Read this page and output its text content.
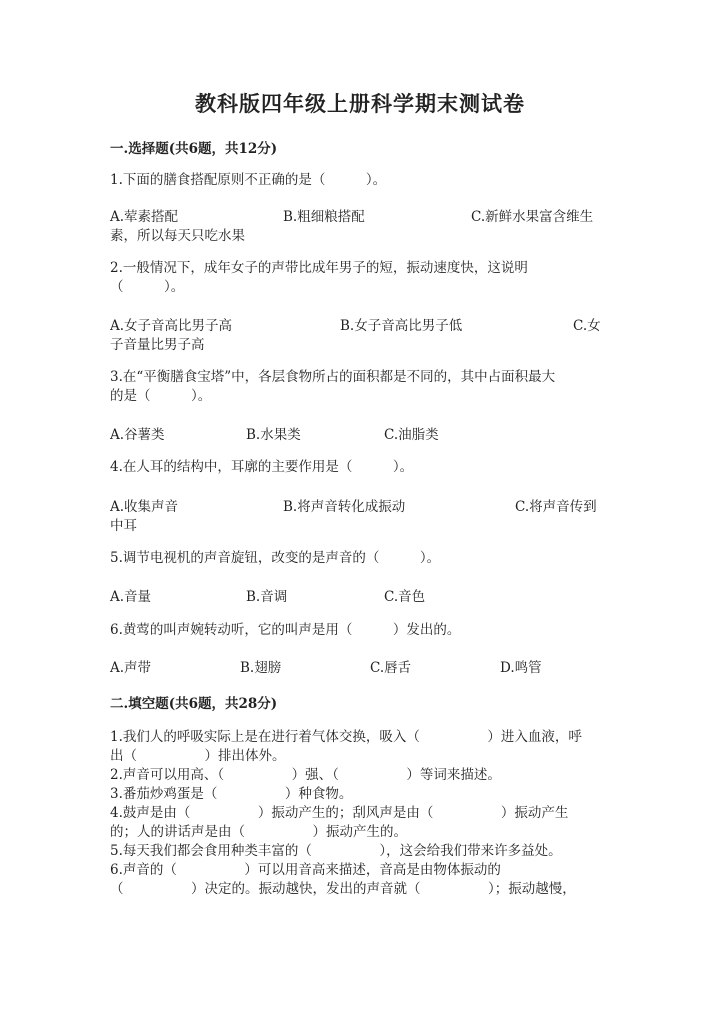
教科版四年级上册科学期末测试卷
一.选择题(共6题，共12分)
1.下面的膳食搭配原则不正确的是（　　　）。
A.荤素搭配	B.粗细粮搭配	C.新鲜水果富含维生
素，所以每天只吃水果
2.一般情况下，成年女子的声带比成年男子的短，振动速度快，这说明
（　　　）。
A.女子音高比男子高	B.女子音高比男子低	C.女
子音量比男子高
3.在“平衡膳食宝塔”中，各层食物所占的面积都是不同的，其中占面积最大
的是（　　　）。
A.谷薯类	B.水果类	C.油脂类
4.在人耳的结构中，耳廓的主要作用是（　　　）。
A.收集声音	B.将声音转化成振动	C.将声音传到
中耳
5.调节电视机的声音旋钮，改变的是声音的（　　　）。
A.音量	B.音调	C.音色
6.黄莺的叫声婉转动听，它的叫声是用（　　　）发出的。
A.声带	B.翅膀	C.唇舌	D.鸣管
二.填空题(共6题，共28分)
1.我们人的呼吸实际上是在进行着气体交换，吸入（　　　　　）进入血液，呼
出（　　　　　）排出体外。
2.声音可以用高、（　　　　　）强、（　　　　　）等词来描述。
3.番茄炒鸡蛋是（　　　　　）种食物。
4.鼓声是由（　　　　　）振动产生的；刮风声是由（　　　　　）振动产生
的；人的讲话声是由（　　　　　）振动产生的。
5.每天我们都会食用种类丰富的（　　　　　），这会给我们带来许多益处。
6.声音的（　　　　　）可以用音高来描述，音高是由物体振动的
（　　　　　）决定的。振动越快，发出的声音就（　　　　　）；振动越慢，
